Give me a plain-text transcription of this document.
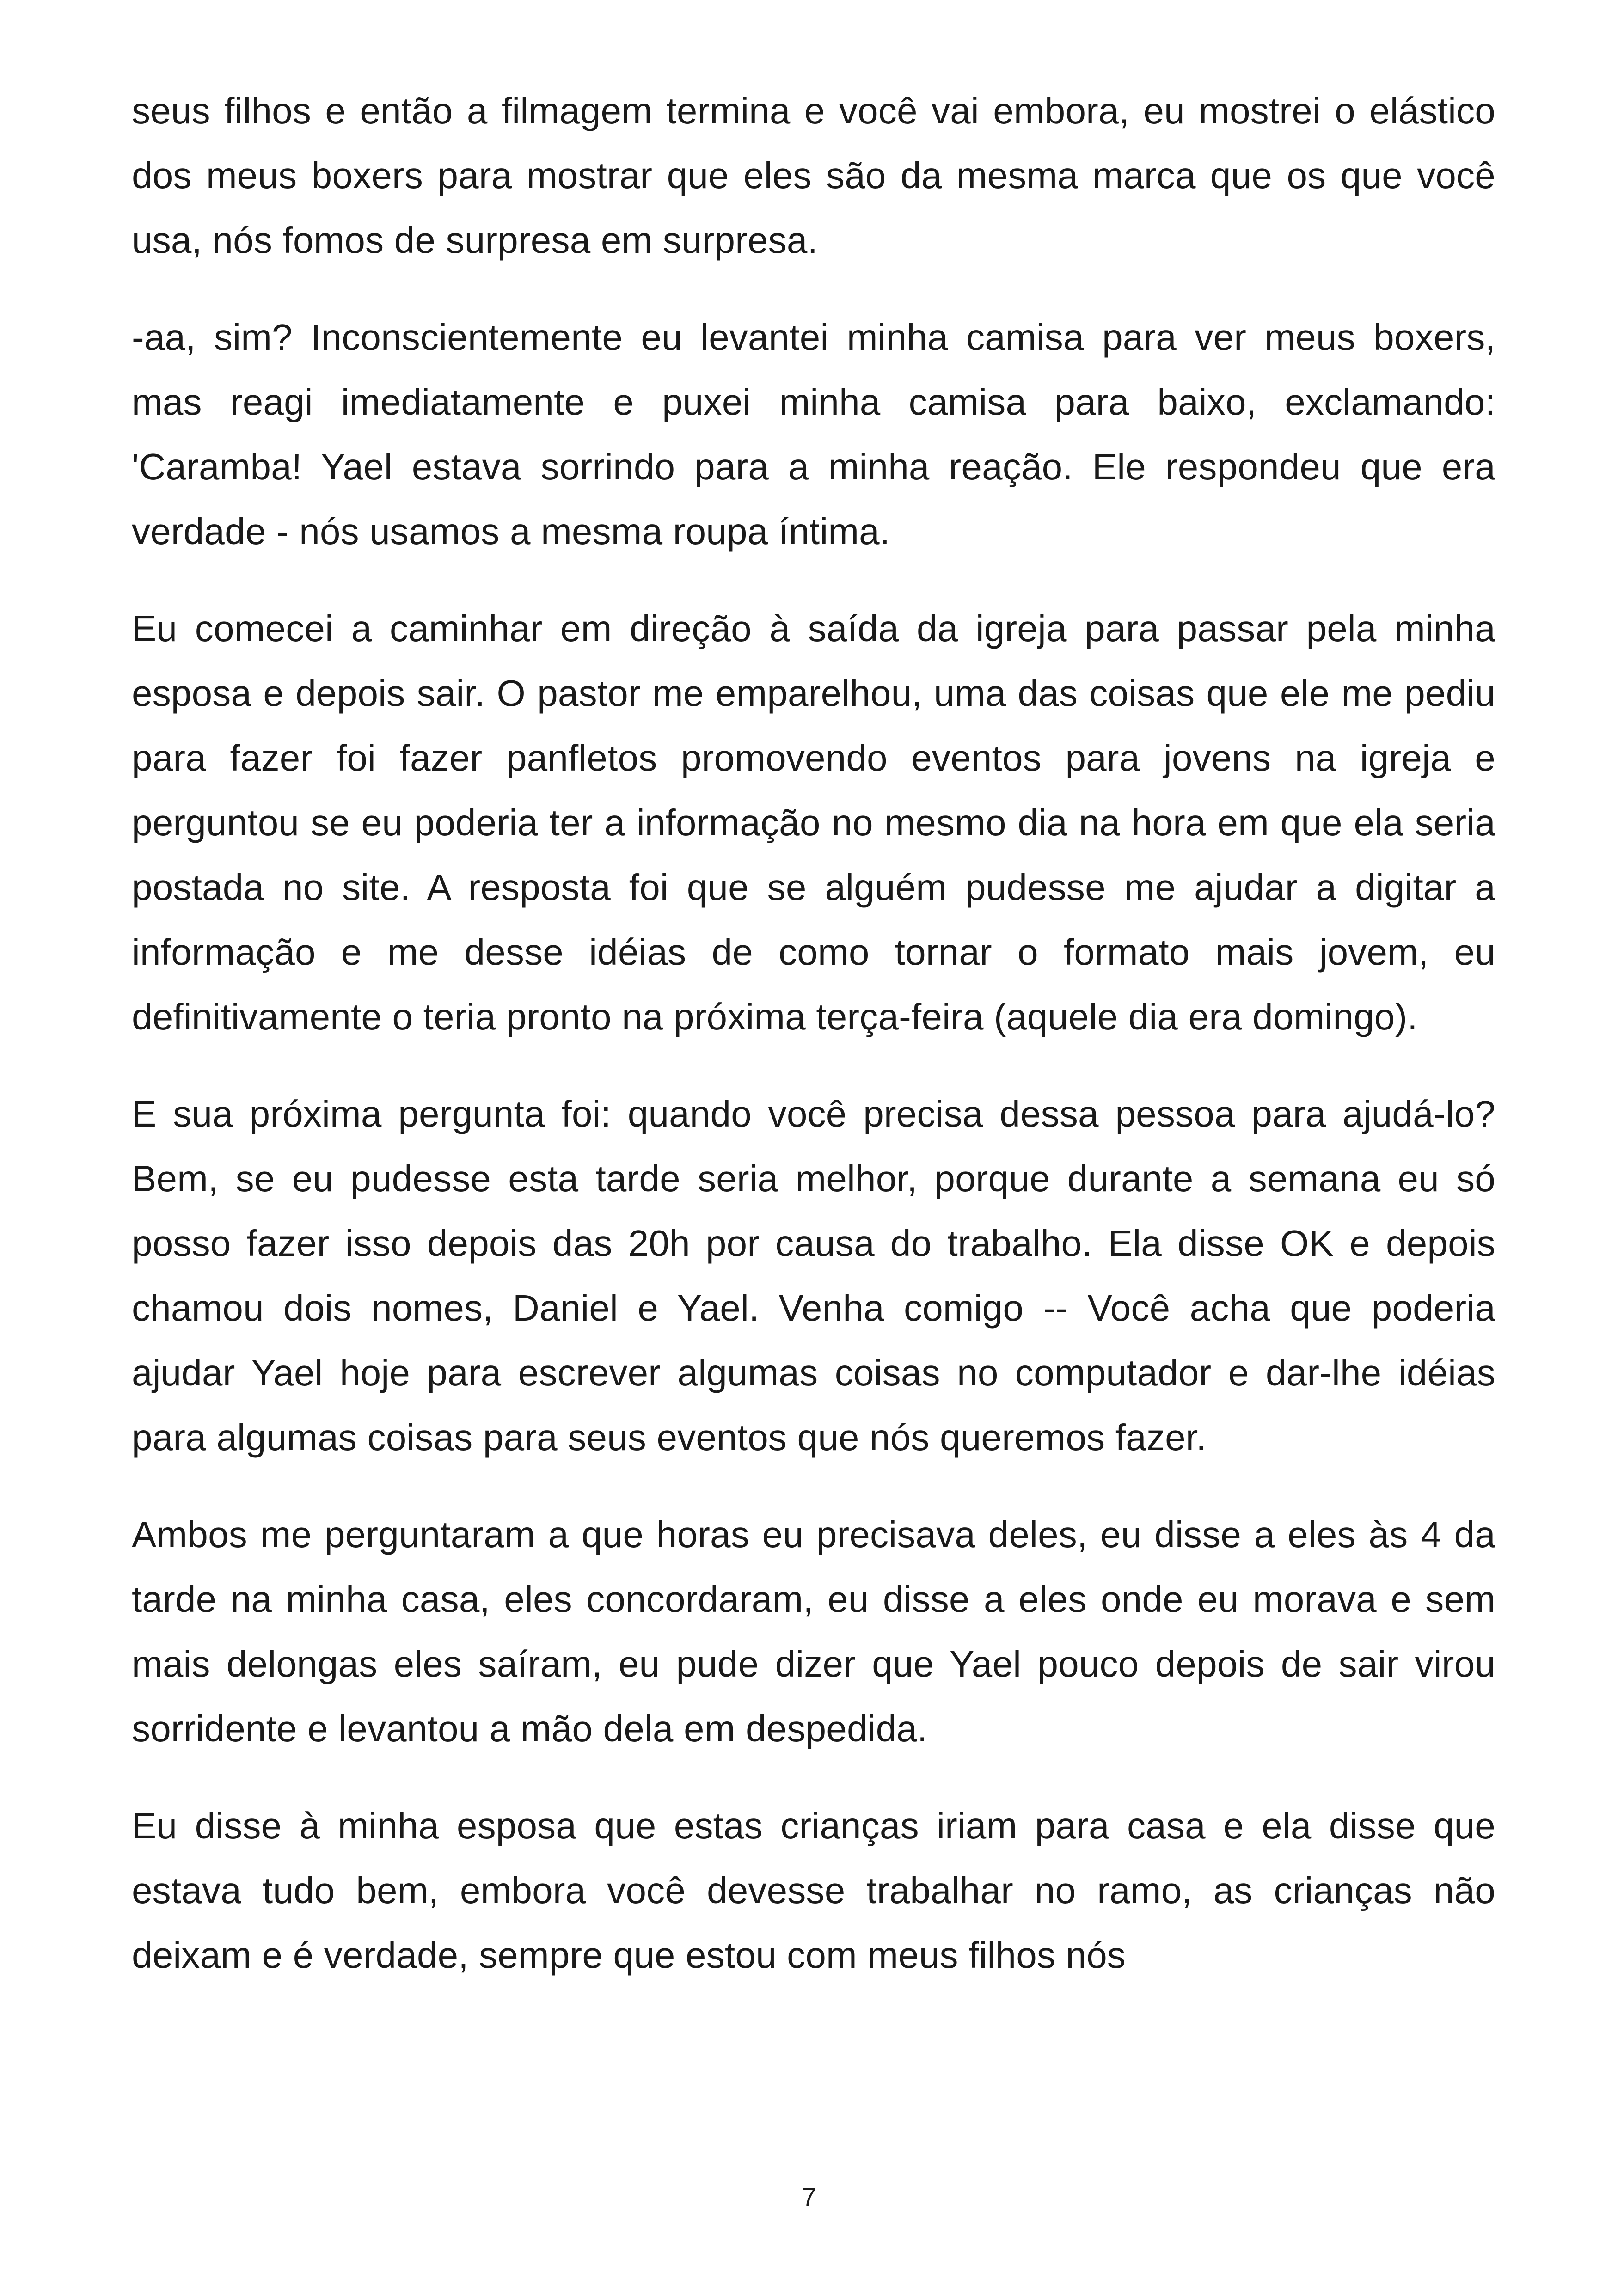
seus filhos e então a filmagem termina e você vai embora, eu mostrei o elástico dos meus boxers para mostrar que eles são da mesma marca que os que você usa, nós fomos de surpresa em surpresa.

-aa, sim? Inconscientemente eu levantei minha camisa para ver meus boxers, mas reagi imediatamente e puxei minha camisa para baixo, exclamando: 'Caramba! Yael estava sorrindo para a minha reação. Ele respondeu que era verdade - nós usamos a mesma roupa íntima.

Eu comecei a caminhar em direção à saída da igreja para passar pela minha esposa e depois sair. O pastor me emparelhou, uma das coisas que ele me pediu para fazer foi fazer panfletos promovendo eventos para jovens na igreja e perguntou se eu poderia ter a informação no mesmo dia na hora em que ela seria postada no site. A resposta foi que se alguém pudesse me ajudar a digitar a informação e me desse idéias de como tornar o formato mais jovem, eu definitivamente o teria pronto na próxima terça-feira (aquele dia era domingo).

E sua próxima pergunta foi: quando você precisa dessa pessoa para ajudá-lo? Bem, se eu pudesse esta tarde seria melhor, porque durante a semana eu só posso fazer isso depois das 20h por causa do trabalho. Ela disse OK e depois chamou dois nomes, Daniel e Yael. Venha comigo -- Você acha que poderia ajudar Yael hoje para escrever algumas coisas no computador e dar-lhe idéias para algumas coisas para seus eventos que nós queremos fazer.

Ambos me perguntaram a que horas eu precisava deles, eu disse a eles às 4 da tarde na minha casa, eles concordaram, eu disse a eles onde eu morava e sem mais delongas eles saíram, eu pude dizer que Yael pouco depois de sair virou sorridente e levantou a mão dela em despedida.

Eu disse à minha esposa que estas crianças iriam para casa e ela disse que estava tudo bem, embora você devesse trabalhar no ramo, as crianças não deixam e é verdade, sempre que estou com meus filhos nós

7
